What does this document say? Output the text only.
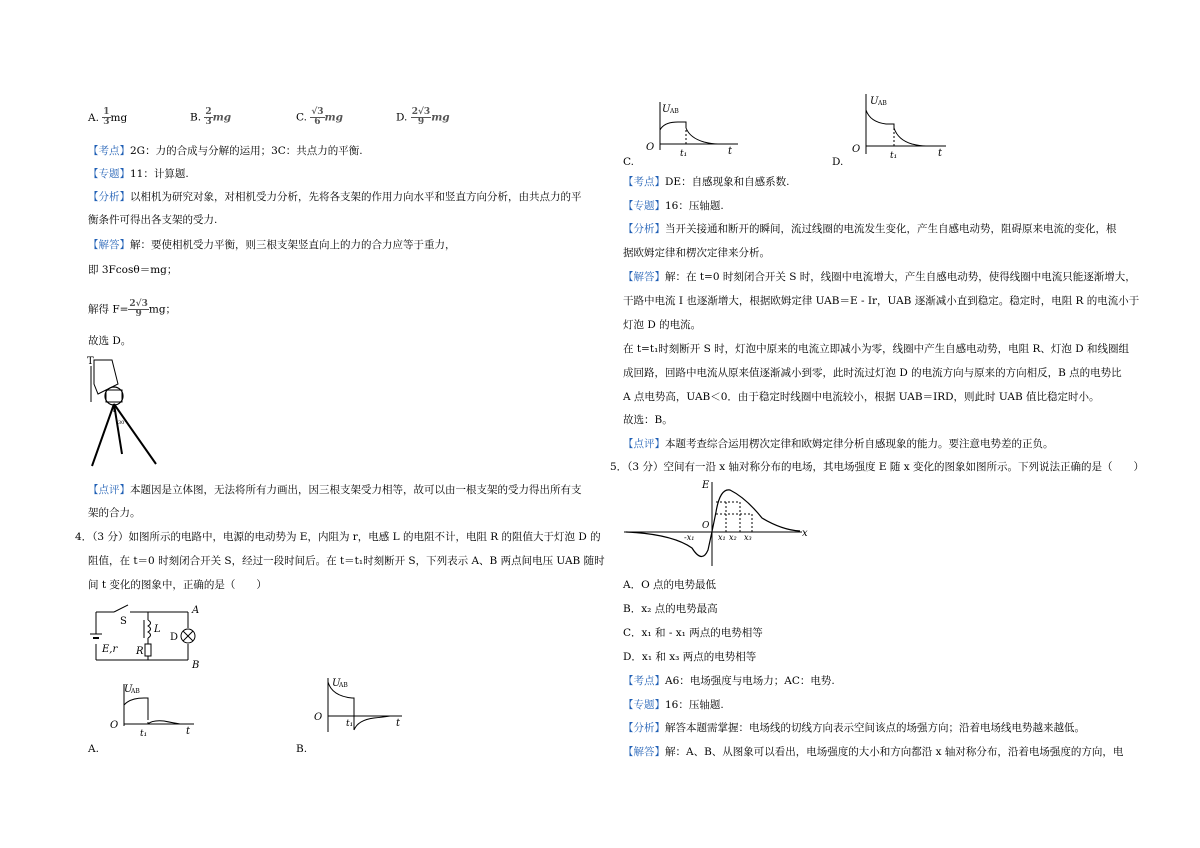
A. $\frac{1}{3}$ mg	B. $\frac{2}{3}$ mg	C. $\frac{√3}{6}$ mg	D. $\frac{2√3}{9}$ mg
【考点】2G：力的合成与分解的运用；3C：共点力的平衡.
【专题】11：计算题.
【分析】以相机为研究对象，对相机受力分析，先将各支架的作用力向水平和竖直方向分析，由共点力的平
衡条件可得出各支架的受力.
【解答】解：要使相机受力平衡，则三根支架竖直向上的力的合力应等于重力，
即 3Fcosθ＝mg；
解得 $F= \frac{2√3}{9}$ mg；
故选 D。
T
30°
【点评】本题因是立体图，无法将所有力画出，因三根支架受力相等，故可以由一根支架的受力得出所有支
架的合力。
4．（3 分）如图所示的电路中，电源的电动势为 E，内阻为 r，电感 L 的电阻不计，电阻 R 的阻值大于灯泡 D 的
阻值，在 t＝0 时刻闭合开关 S，经过一段时间后。在 t＝t₁时刻断开 S，下列表示 A、B 两点间电压 UAB 随时
间 t 变化的图象中，正确的是（　　）
S
L
A
D
R
E,r
B
U
AB
O
t₁	t
A.
U
AB
O
t₁	t
B.
U AB
O
t₁	t
C.
U AB
O
t₁	t
D.
【考点】DE：自感现象和自感系数.
【专题】16：压轴题.
【分析】当开关接通和断开的瞬间，流过线圈的电流发生变化，产生自感电动势，阻碍原来电流的变化，根
据欧姆定律和楞次定律来分析。
【解答】解：在 t=0 时刻闭合开关 S 时，线圈中电流增大，产生自感电动势，使得线圈中电流只能逐渐增大，
干路中电流 I 也逐渐增大，根据欧姆定律 UAB＝E - Ir，UAB 逐渐减小直到稳定。稳定时，电阻 R 的电流小于
灯泡 D 的电流。
在 t=t₁时刻断开 S 时，灯泡中原来的电流立即减小为零，线圈中产生自感电动势，电阻 R、灯泡 D 和线圈组
成回路，回路中电流从原来值逐渐减小到零，此时流过灯泡 D 的电流方向与原来的方向相反，B 点的电势比
A 点电势高，UAB＜0．由于稳定时线圈中电流较小，根据 UAB＝IRD，则此时 UAB 值比稳定时小。
故选：B。
【点评】本题考查综合运用楞次定律和欧姆定律分析自感现象的能力。要注意电势差的正负。
5．（3 分）空间有一沿 x 轴对称分布的电场，其电场强度 E 随 x 变化的图象如图所示。下列说法正确的是（　　）
x
E
O
-x₁	x₁ x₂ x₃
A．O 点的电势最低
B．x₂ 点的电势最高
C．x₁ 和 - x₁ 两点的电势相等
D．x₁ 和 x₃ 两点的电势相等
【考点】A6：电场强度与电场力；AC：电势.
【专题】16：压轴题.
【分析】解答本题需掌握：电场线的切线方向表示空间该点的场强方向；沿着电场线电势越来越低。
【解答】解：A、B、从图象可以看出，电场强度的大小和方向都沿 x 轴对称分布，沿着电场强度的方向，电
